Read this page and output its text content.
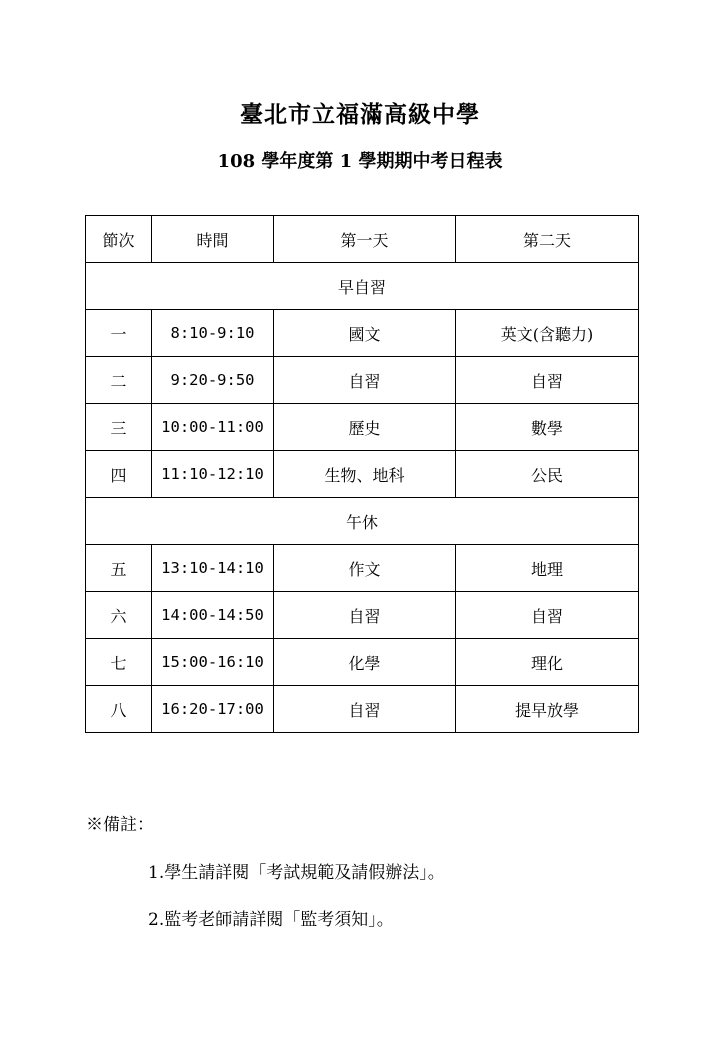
臺北市立福滿高級中學
108 學年度第 1 學期期中考日程表
節次	時間	第一天	第二天
早自習			
一	8:10-9:10	國文	英文(含聽力)
二	9:20-9:50	自習	自習
三	10:00-11:00	歷史	數學
四	11:10-12:10	生物、地科	公民
午休			
五	13:10-14:10	作文	地理
六	14:00-14:50	自習	自習
七	15:00-16:10	化學	理化
八	16:20-17:00	自習	提早放學
※備註：
1.學生請詳閱「考試規範及請假辦法」。
2.監考老師請詳閱「監考須知」。
